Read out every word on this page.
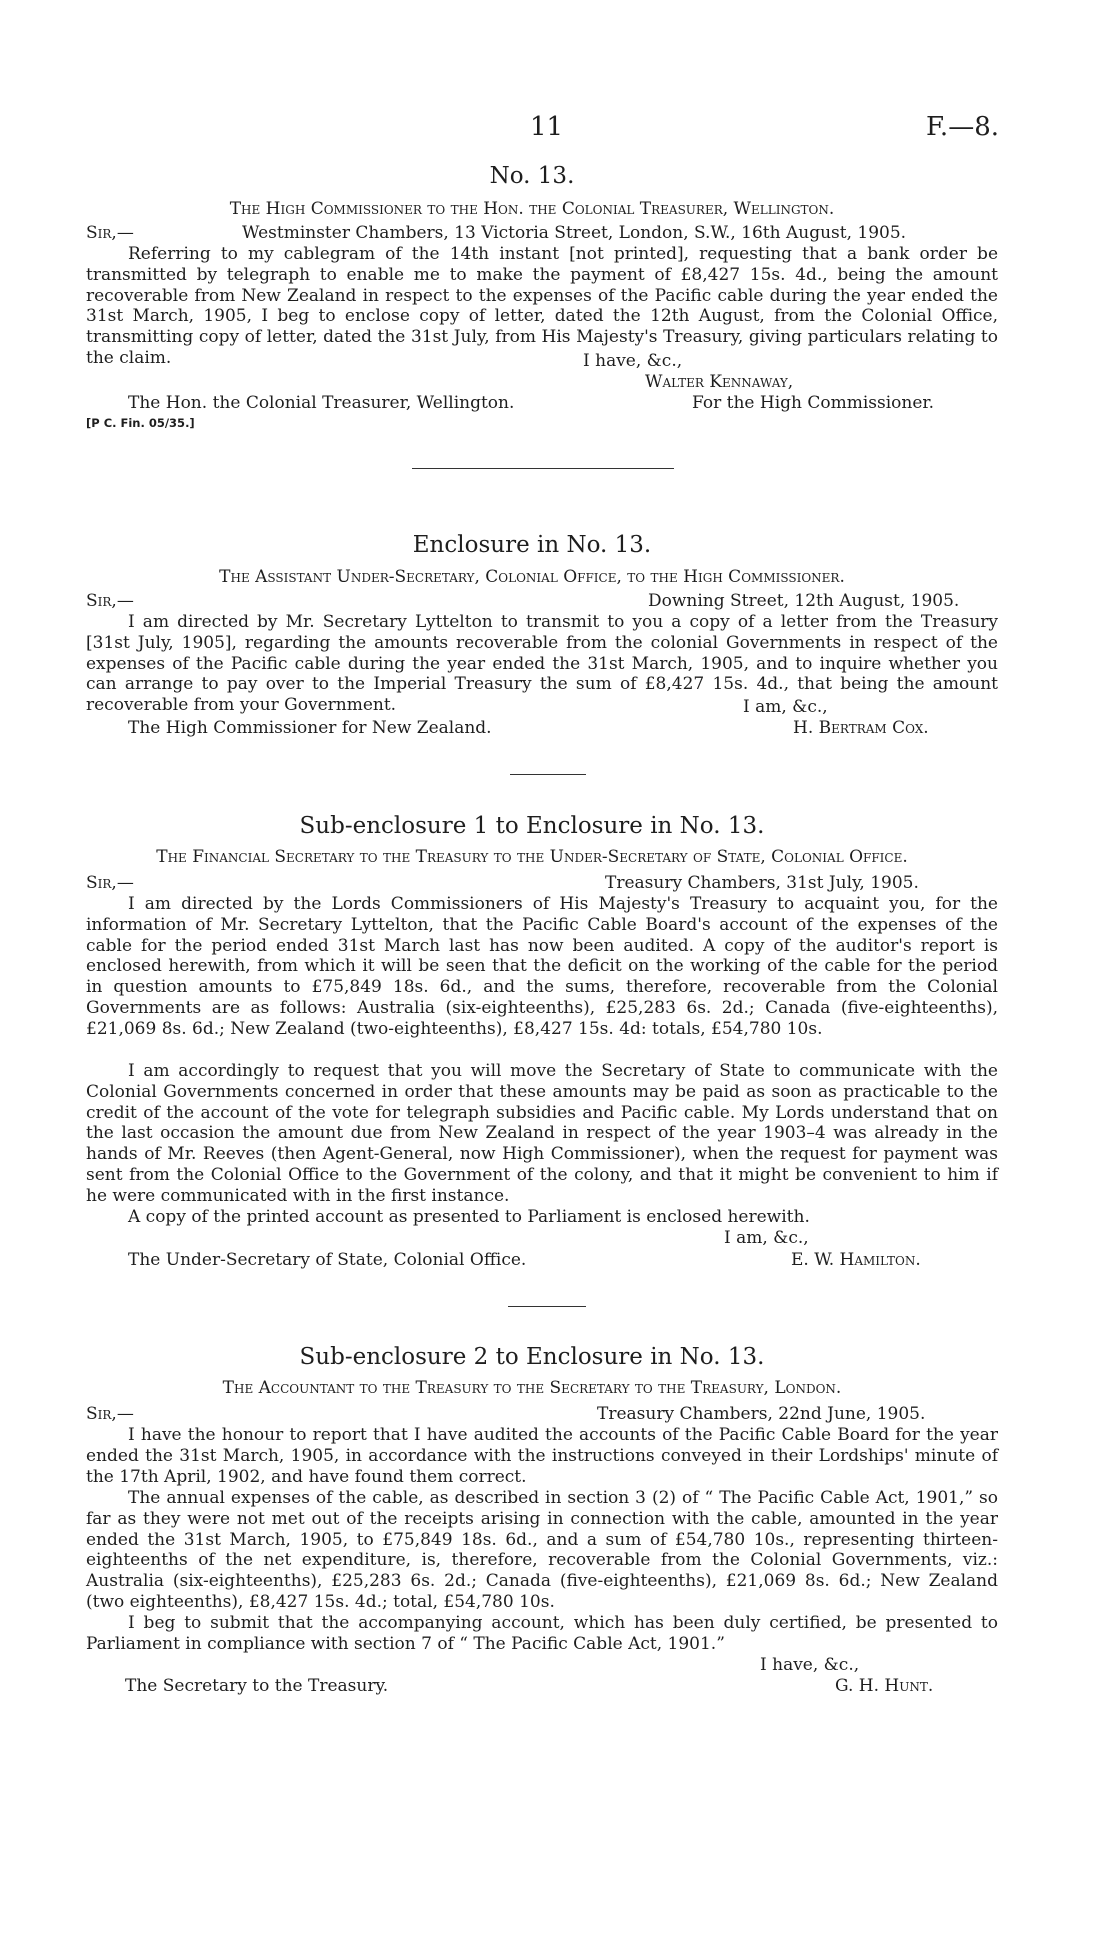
11	F.—8.
No. 13.
The High Commissioner to the Hon. the Colonial Treasurer, Wellington.
Sir,—	Westminster Chambers, 13 Victoria Street, London, S.W., 16th August, 1905.
Referring to my cablegram of the 14th instant [not printed], requesting that a bank order be transmitted by telegraph to enable me to make the payment of £8,427 15s. 4d., being the amount recoverable from New Zealand in respect to the expenses of the Pacific cable during the year ended the 31st March, 1905, I beg to enclose copy of letter, dated the 12th August, from the Colonial Office, transmitting copy of letter, dated the 31st July, from His Majesty's Treasury, giving particulars relating to the claim.	I have, &c.,
Walter Kennaway,
The Hon. the Colonial Treasurer, Wellington.	For the High Commissioner.
[P C. Fin. 05/35.]
Enclosure in No. 13.
The Assistant Under-Secretary, Colonial Office, to the High Commissioner.
Sir,—	Downing Street, 12th August, 1905.
I am directed by Mr. Secretary Lyttelton to transmit to you a copy of a letter from the Treasury [31st July, 1905], regarding the amounts recoverable from the colonial Governments in respect of the expenses of the Pacific cable during the year ended the 31st March, 1905, and to inquire whether you can arrange to pay over to the Imperial Treasury the sum of £8,427 15s. 4d., that being the amount recoverable from your Government.	I am, &c.,
The High Commissioner for New Zealand.	H. Bertram Cox.
Sub-enclosure 1 to Enclosure in No. 13.
The Financial Secretary to the Treasury to the Under-Secretary of State, Colonial Office.
Sir,—	Treasury Chambers, 31st July, 1905.
I am directed by the Lords Commissioners of His Majesty's Treasury to acquaint you, for the information of Mr. Secretary Lyttelton, that the Pacific Cable Board's account of the expenses of the cable for the period ended 31st March last has now been audited. A copy of the auditor's report is enclosed herewith, from which it will be seen that the deficit on the working of the cable for the period in question amounts to £75,849 18s. 6d., and the sums, therefore, recoverable from the Colonial Governments are as follows: Australia (six-eighteenths), £25,283 6s. 2d.; Canada (five-eighteenths), £21,069 8s. 6d.; New Zealand (two-eighteenths), £8,427 15s. 4d: totals, £54,780 10s.
I am accordingly to request that you will move the Secretary of State to communicate with the Colonial Governments concerned in order that these amounts may be paid as soon as practicable to the credit of the account of the vote for telegraph subsidies and Pacific cable. My Lords understand that on the last occasion the amount due from New Zealand in respect of the year 1903–4 was already in the hands of Mr. Reeves (then Agent-General, now High Commissioner), when the request for payment was sent from the Colonial Office to the Government of the colony, and that it might be convenient to him if he were communicated with in the first instance.
A copy of the printed account as presented to Parliament is enclosed herewith.
I am, &c.,
The Under-Secretary of State, Colonial Office.	E. W. Hamilton.
Sub-enclosure 2 to Enclosure in No. 13.
The Accountant to the Treasury to the Secretary to the Treasury, London.
Sir,—	Treasury Chambers, 22nd June, 1905.
I have the honour to report that I have audited the accounts of the Pacific Cable Board for the year ended the 31st March, 1905, in accordance with the instructions conveyed in their Lordships' minute of the 17th April, 1902, and have found them correct.
The annual expenses of the cable, as described in section 3 (2) of “ The Pacific Cable Act, 1901,” so far as they were not met out of the receipts arising in connection with the cable, amounted in the year ended the 31st March, 1905, to £75,849 18s. 6d., and a sum of £54,780 10s., representing thirteen-eighteenths of the net expenditure, is, therefore, recoverable from the Colonial Governments, viz.: Australia (six-eighteenths), £25,283 6s. 2d.; Canada (five-eighteenths), £21,069 8s. 6d.; New Zealand (two eighteenths), £8,427 15s. 4d.; total, £54,780 10s.
I beg to submit that the accompanying account, which has been duly certified, be presented to Parliament in compliance with section 7 of “ The Pacific Cable Act, 1901.”
I have, &c.,
The Secretary to the Treasury.	G. H. Hunt.
